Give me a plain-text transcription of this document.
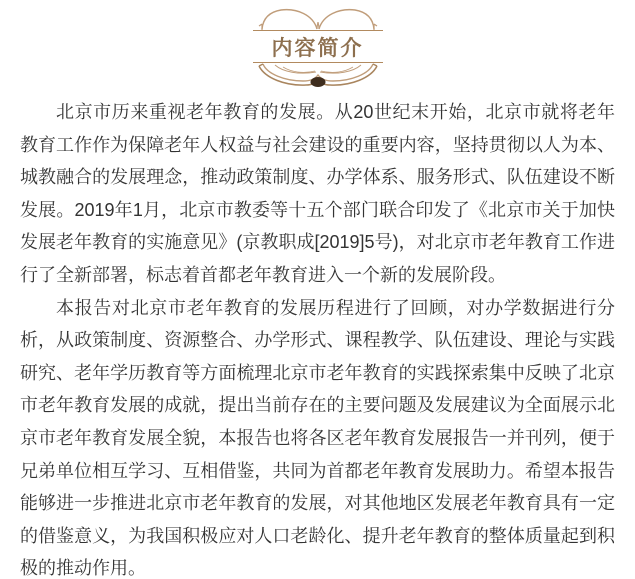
内容简介

北京市历来重视老年教育的发展。从20世纪末开始，北京市就将老年教育工作作为保障老年人权益与社会建设的重要内容，坚持贯彻以人为本、城教融合的发展理念，推动政策制度、办学体系、服务形式、队伍建设不断发展。2019年1月，北京市教委等十五个部门联合印发了《北京市关于加快发展老年教育的实施意见》(京教职成[2019]5号)，对北京市老年教育工作进行了全新部署，标志着首都老年教育进入一个新的发展阶段。

本报告对北京市老年教育的发展历程进行了回顾，对办学数据进行分析，从政策制度、资源整合、办学形式、课程教学、队伍建设、理论与实践研究、老年学历教育等方面梳理北京市老年教育的实践探索集中反映了北京市老年教育发展的成就，提出当前存在的主要问题及发展建议为全面展示北京市老年教育发展全貌，本报告也将各区老年教育发展报告一并刊列，便于兄弟单位相互学习、互相借鉴，共同为首都老年教育发展助力。希望本报告能够进一步推进北京市老年教育的发展，对其他地区发展老年教育具有一定的借鉴意义，为我国积极应对人口老龄化、提升老年教育的整体质量起到积极的推动作用。
